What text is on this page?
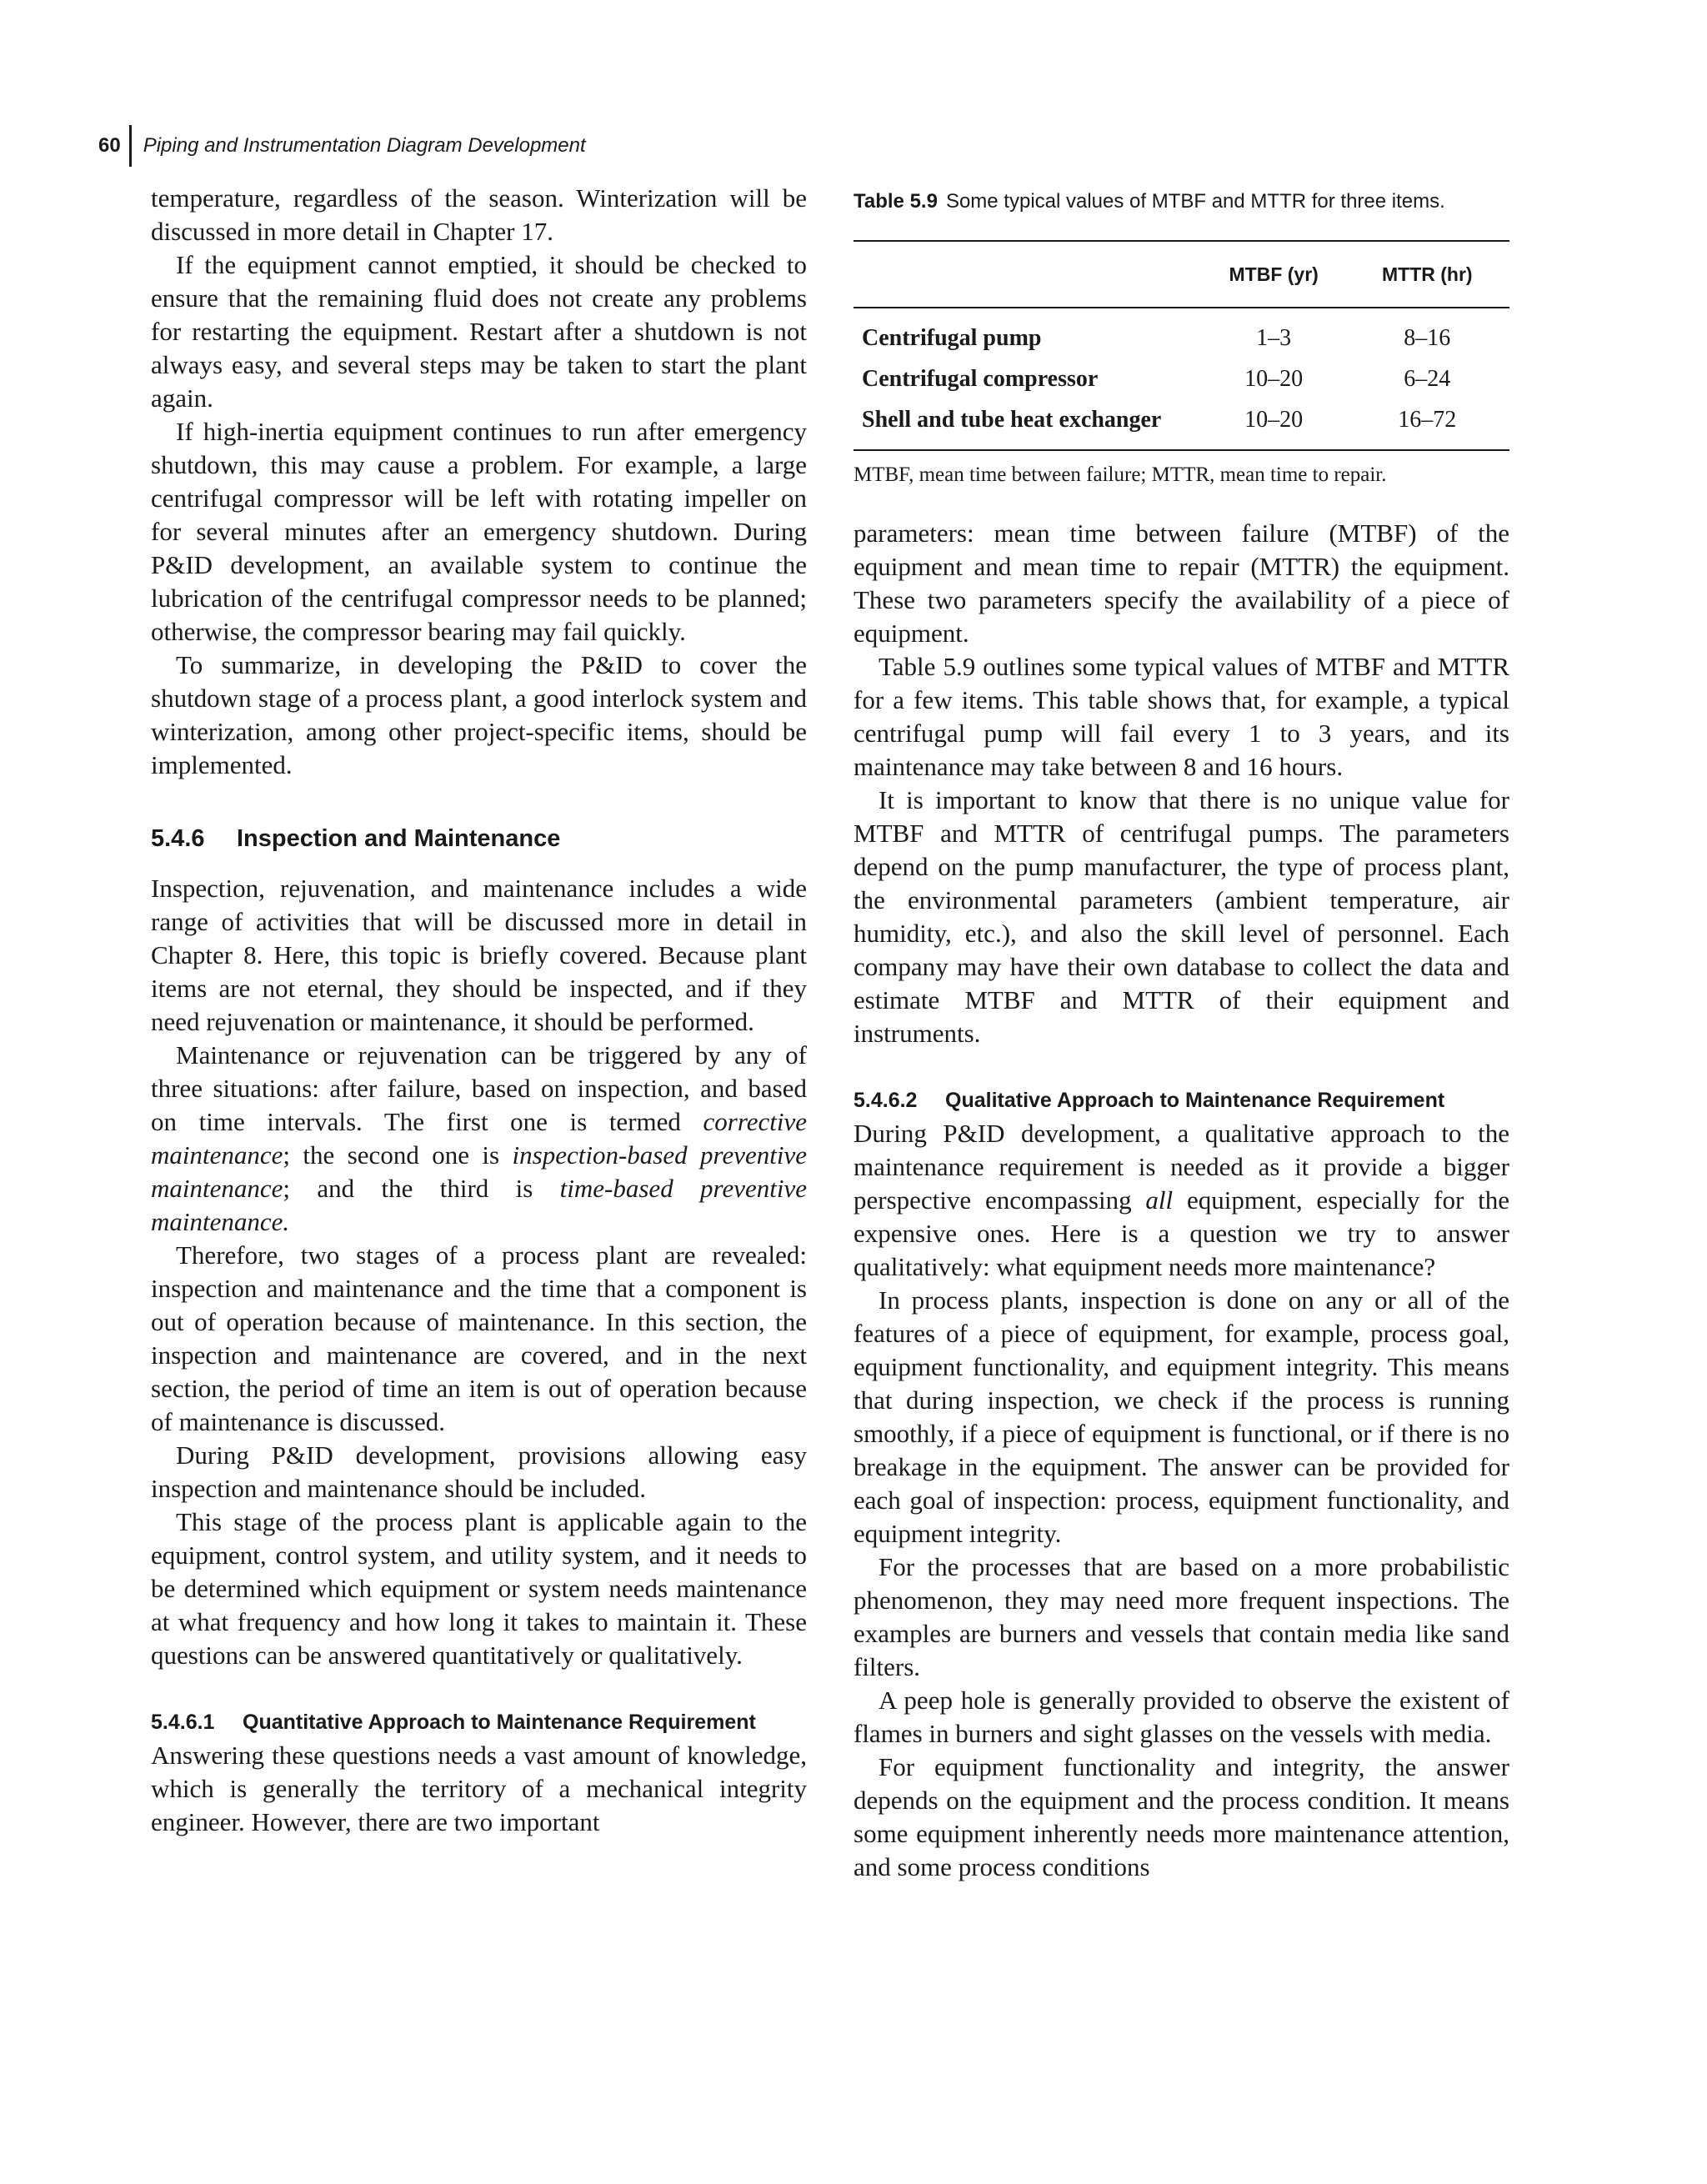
60	Piping and Instrumentation Diagram Development

temperature, regardless of the season. Winterization will be discussed in more detail in Chapter 17.

If the equipment cannot emptied, it should be checked to ensure that the remaining fluid does not create any problems for restarting the equipment. Restart after a shutdown is not always easy, and several steps may be taken to start the plant again.

If high-inertia equipment continues to run after emergency shutdown, this may cause a problem. For example, a large centrifugal compressor will be left with rotating impeller on for several minutes after an emergency shutdown. During P&ID development, an available system to continue the lubrication of the centrifugal compressor needs to be planned; otherwise, the compressor bearing may fail quickly.

To summarize, in developing the P&ID to cover the shutdown stage of a process plant, a good interlock system and winterization, among other project-specific items, should be implemented.

5.4.6 Inspection and Maintenance

Inspection, rejuvenation, and maintenance includes a wide range of activities that will be discussed more in detail in Chapter 8. Here, this topic is briefly covered. Because plant items are not eternal, they should be inspected, and if they need rejuvenation or maintenance, it should be performed.

Maintenance or rejuvenation can be triggered by any of three situations: after failure, based on inspection, and based on time intervals. The first one is termed corrective maintenance; the second one is inspection-based preventive maintenance; and the third is time-based preventive maintenance.

Therefore, two stages of a process plant are revealed: inspection and maintenance and the time that a component is out of operation because of maintenance. In this section, the inspection and maintenance are covered, and in the next section, the period of time an item is out of operation because of maintenance is discussed.

During P&ID development, provisions allowing easy inspection and maintenance should be included.

This stage of the process plant is applicable again to the equipment, control system, and utility system, and it needs to be determined which equipment or system needs maintenance at what frequency and how long it takes to maintain it. These questions can be answered quantitatively or qualitatively.

5.4.6.1 Quantitative Approach to Maintenance Requirement

Answering these questions needs a vast amount of knowledge, which is generally the territory of a mechanical integrity engineer. However, there are two important

Table 5.9 Some typical values of MTBF and MTTR for three items.
	MTBF (yr)	MTTR (hr)
Centrifugal pump	1–3	8–16
Centrifugal compressor	10–20	6–24
Shell and tube heat exchanger	10–20	16–72
MTBF, mean time between failure; MTTR, mean time to repair.

parameters: mean time between failure (MTBF) of the equipment and mean time to repair (MTTR) the equipment. These two parameters specify the availability of a piece of equipment.

Table 5.9 outlines some typical values of MTBF and MTTR for a few items. This table shows that, for example, a typical centrifugal pump will fail every 1 to 3 years, and its maintenance may take between 8 and 16 hours.

It is important to know that there is no unique value for MTBF and MTTR of centrifugal pumps. The parameters depend on the pump manufacturer, the type of process plant, the environmental parameters (ambient temperature, air humidity, etc.), and also the skill level of personnel. Each company may have their own database to collect the data and estimate MTBF and MTTR of their equipment and instruments.

5.4.6.2 Qualitative Approach to Maintenance Requirement

During P&ID development, a qualitative approach to the maintenance requirement is needed as it provide a bigger perspective encompassing all equipment, especially for the expensive ones. Here is a question we try to answer qualitatively: what equipment needs more maintenance?

In process plants, inspection is done on any or all of the features of a piece of equipment, for example, process goal, equipment functionality, and equipment integrity. This means that during inspection, we check if the process is running smoothly, if a piece of equipment is functional, or if there is no breakage in the equipment. The answer can be provided for each goal of inspection: process, equipment functionality, and equipment integrity.

For the processes that are based on a more probabilistic phenomenon, they may need more frequent inspections. The examples are burners and vessels that contain media like sand filters.

A peep hole is generally provided to observe the existent of flames in burners and sight glasses on the vessels with media.

For equipment functionality and integrity, the answer depends on the equipment and the process condition. It means some equipment inherently needs more maintenance attention, and some process conditions
